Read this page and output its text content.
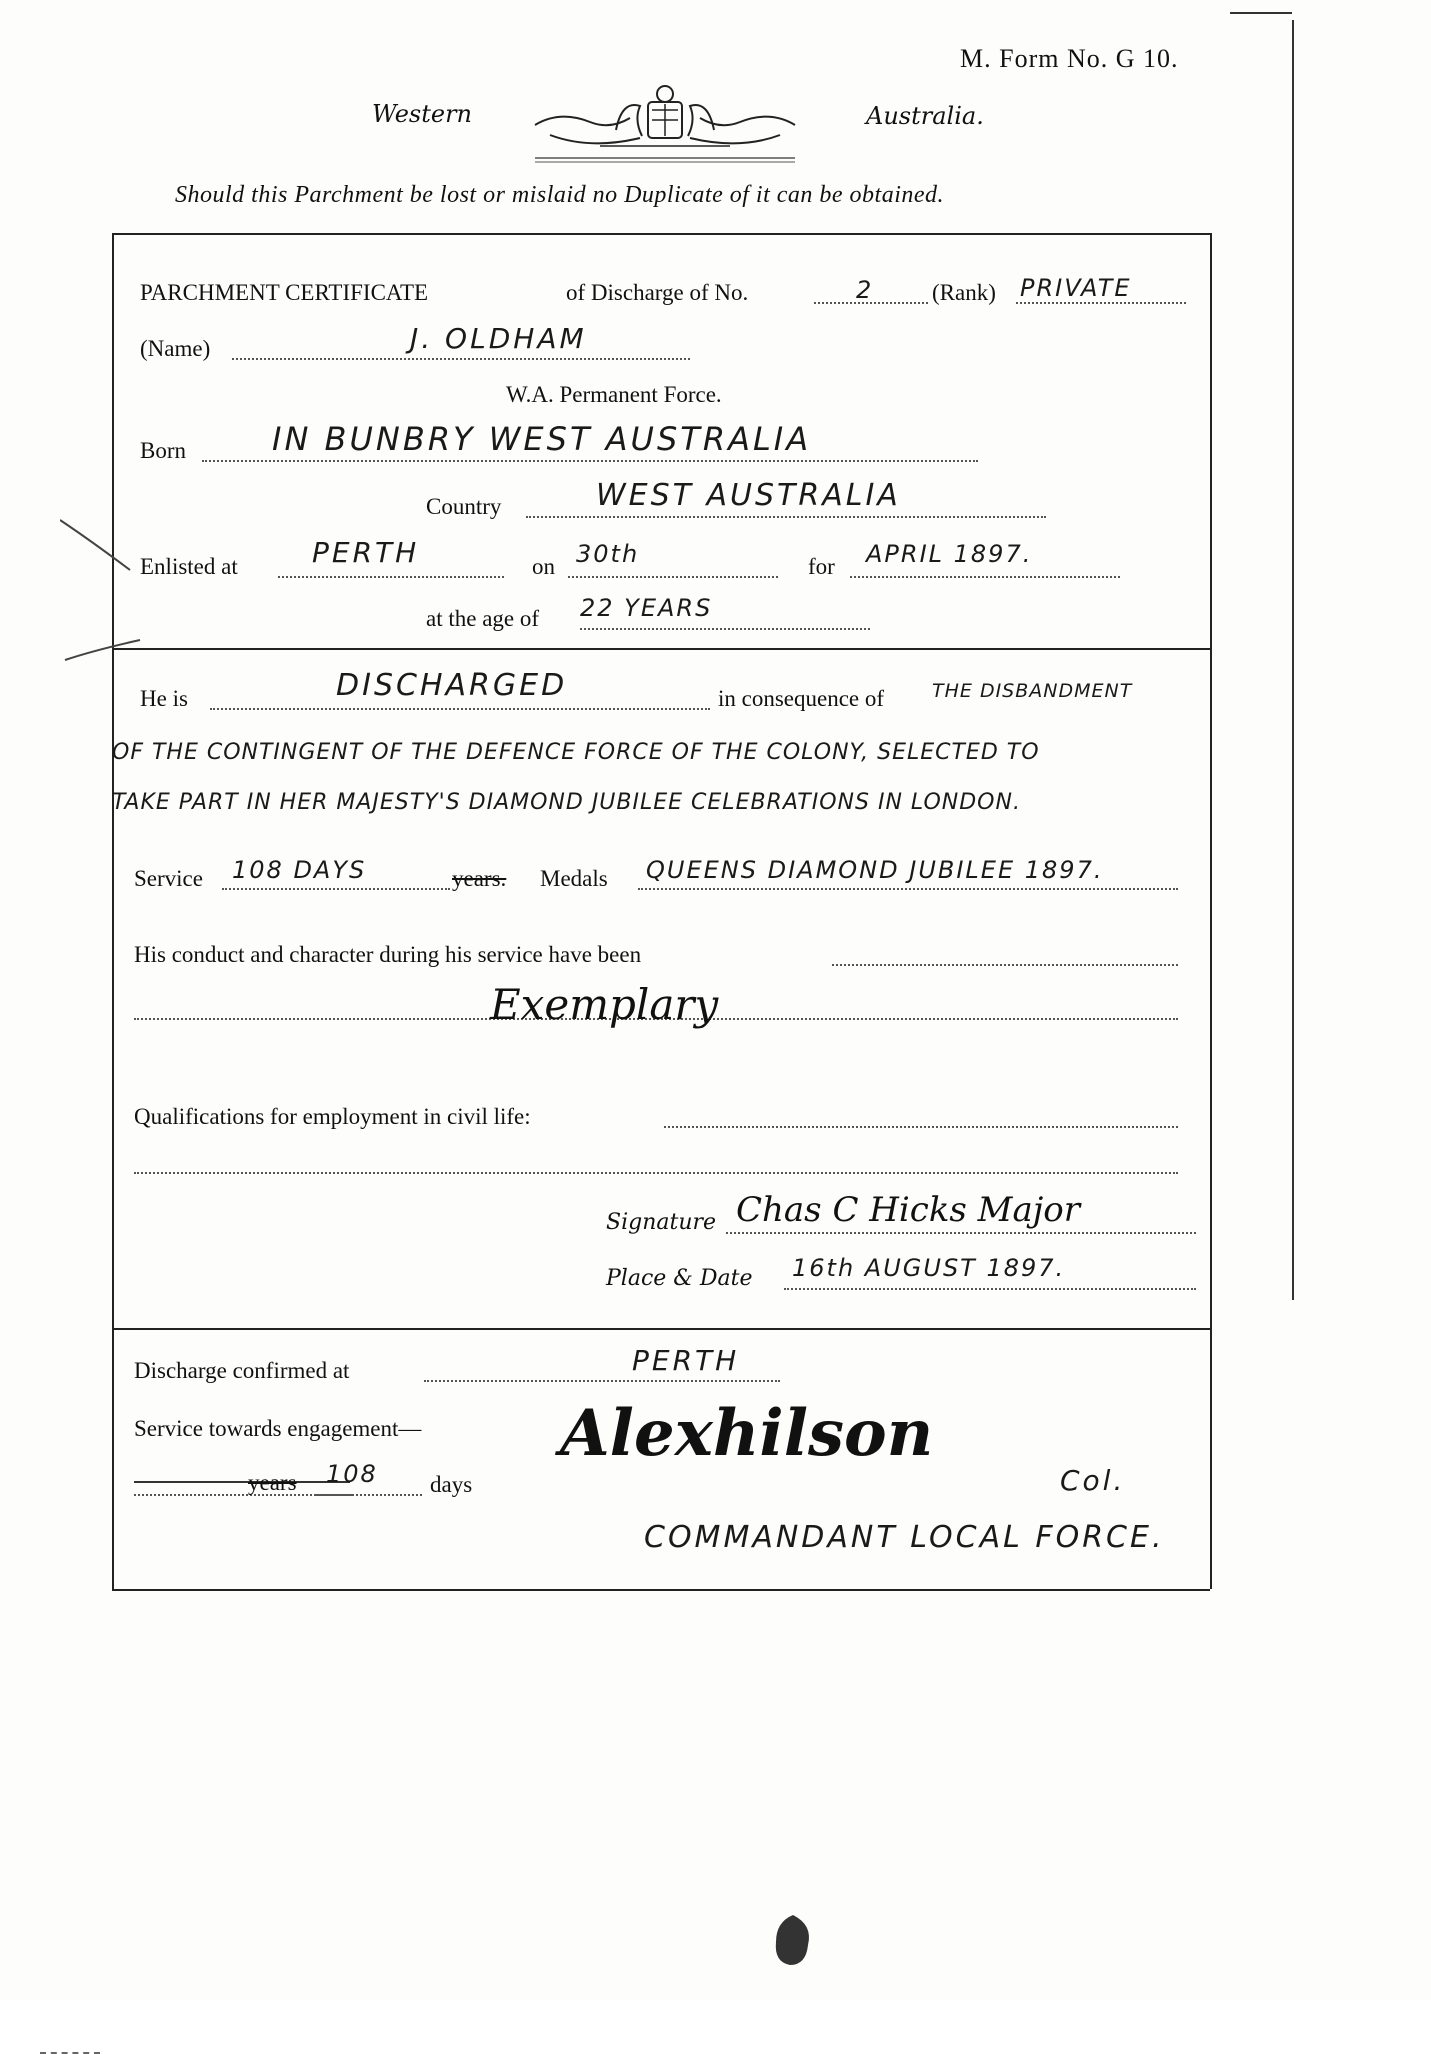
M. Form No. G 10.
Western	Australia.
Should this Parchment be lost or mislaid no Duplicate of it can be obtained.
PARCHMENT CERTIFICATE	of Discharge of No.	2	(Rank) PRIVATE
(Name)	J. OLDHAM
W.A. Permanent Force.
Born	IN BUNBRY WEST AUSTRALIA
Country	WEST AUSTRALIA
Enlisted at	PERTH	on 30th	for APRIL 1897.
at the age of 22 YEARS
He is	DISCHARGED	in consequence of	THE DISBANDMENT
OF THE CONTINGENT OF THE DEFENCE FORCE OF THE COLONY, SELECTED TO
TAKE PART IN HER MAJESTY'S DIAMOND JUBILEE CELEBRATIONS IN LONDON.
Service 108 DAYS	years. Medals QUEENS DIAMOND JUBILEE 1897.
His conduct and character during his service have been
Exemplary
Qualifications for employment in civil life:
Signature Chas C Hicks Major
Place & Date 16th AUGUST 1897.
Discharge confirmed at	PERTH
Service towards engagement—
years 108 days
Alexhilson
Col.
COMMANDANT LOCAL FORCE.
